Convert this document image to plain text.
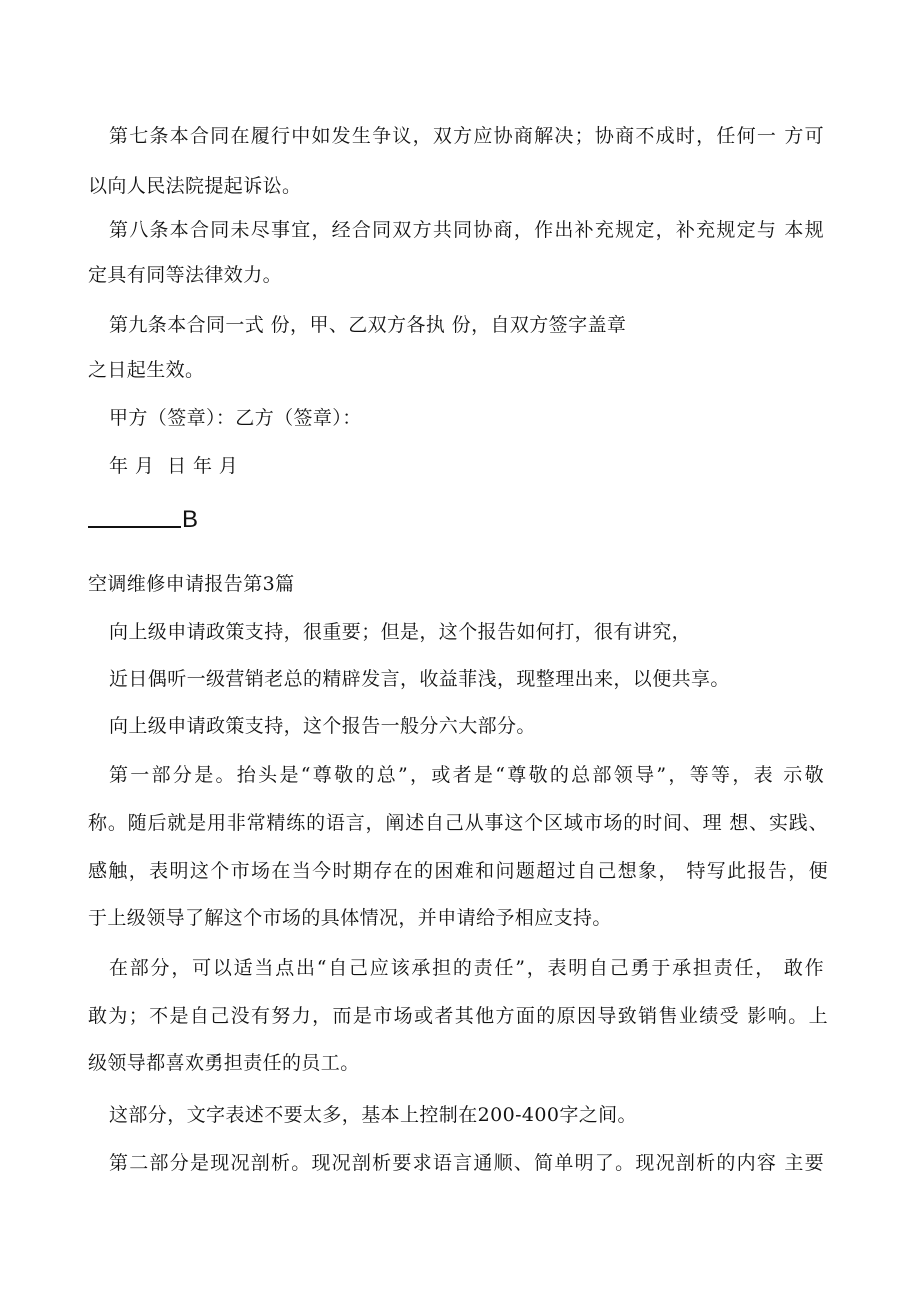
第七条本合同在履行中如发生争议，双方应协商解决；协商不成时，任何一 方可
以向人民法院提起诉讼。
第八条本合同未尽事宜，经合同双方共同协商，作出补充规定，补充规定与 本规
定具有同等法律效力。
第九条本合同一式 份，甲、乙双方各执 份，自双方签字盖章
之日起生效。
甲方（签章）：乙方（签章）：
年 月  日 年 月
B
空调维修申请报告第3篇
向上级申请政策支持，很重要；但是，这个报告如何打，很有讲究，
近日偶听一级营销老总的精辟发言，收益菲浅，现整理出来，以便共享。
向上级申请政策支持，这个报告一般分六大部分。
第一部分是。抬头是“尊敬的总”，或者是“尊敬的总部领导”，等等，表 示敬
称。随后就是用非常精练的语言，阐述自己从事这个区域市场的时间、理 想、实践、
感触，表明这个市场在当今时期存在的困难和问题超过自己想象， 特写此报告，便
于上级领导了解这个市场的具体情况，并申请给予相应支持。
在部分，可以适当点出“自己应该承担的责任”，表明自己勇于承担责任， 敢作
敢为；不是自己没有努力，而是市场或者其他方面的原因导致销售业绩受 影响。上
级领导都喜欢勇担责任的员工。
这部分，文字表述不要太多，基本上控制在200-400字之间。
第二部分是现况剖析。现况剖析要求语言通顺、简单明了。现况剖析的内容 主要
